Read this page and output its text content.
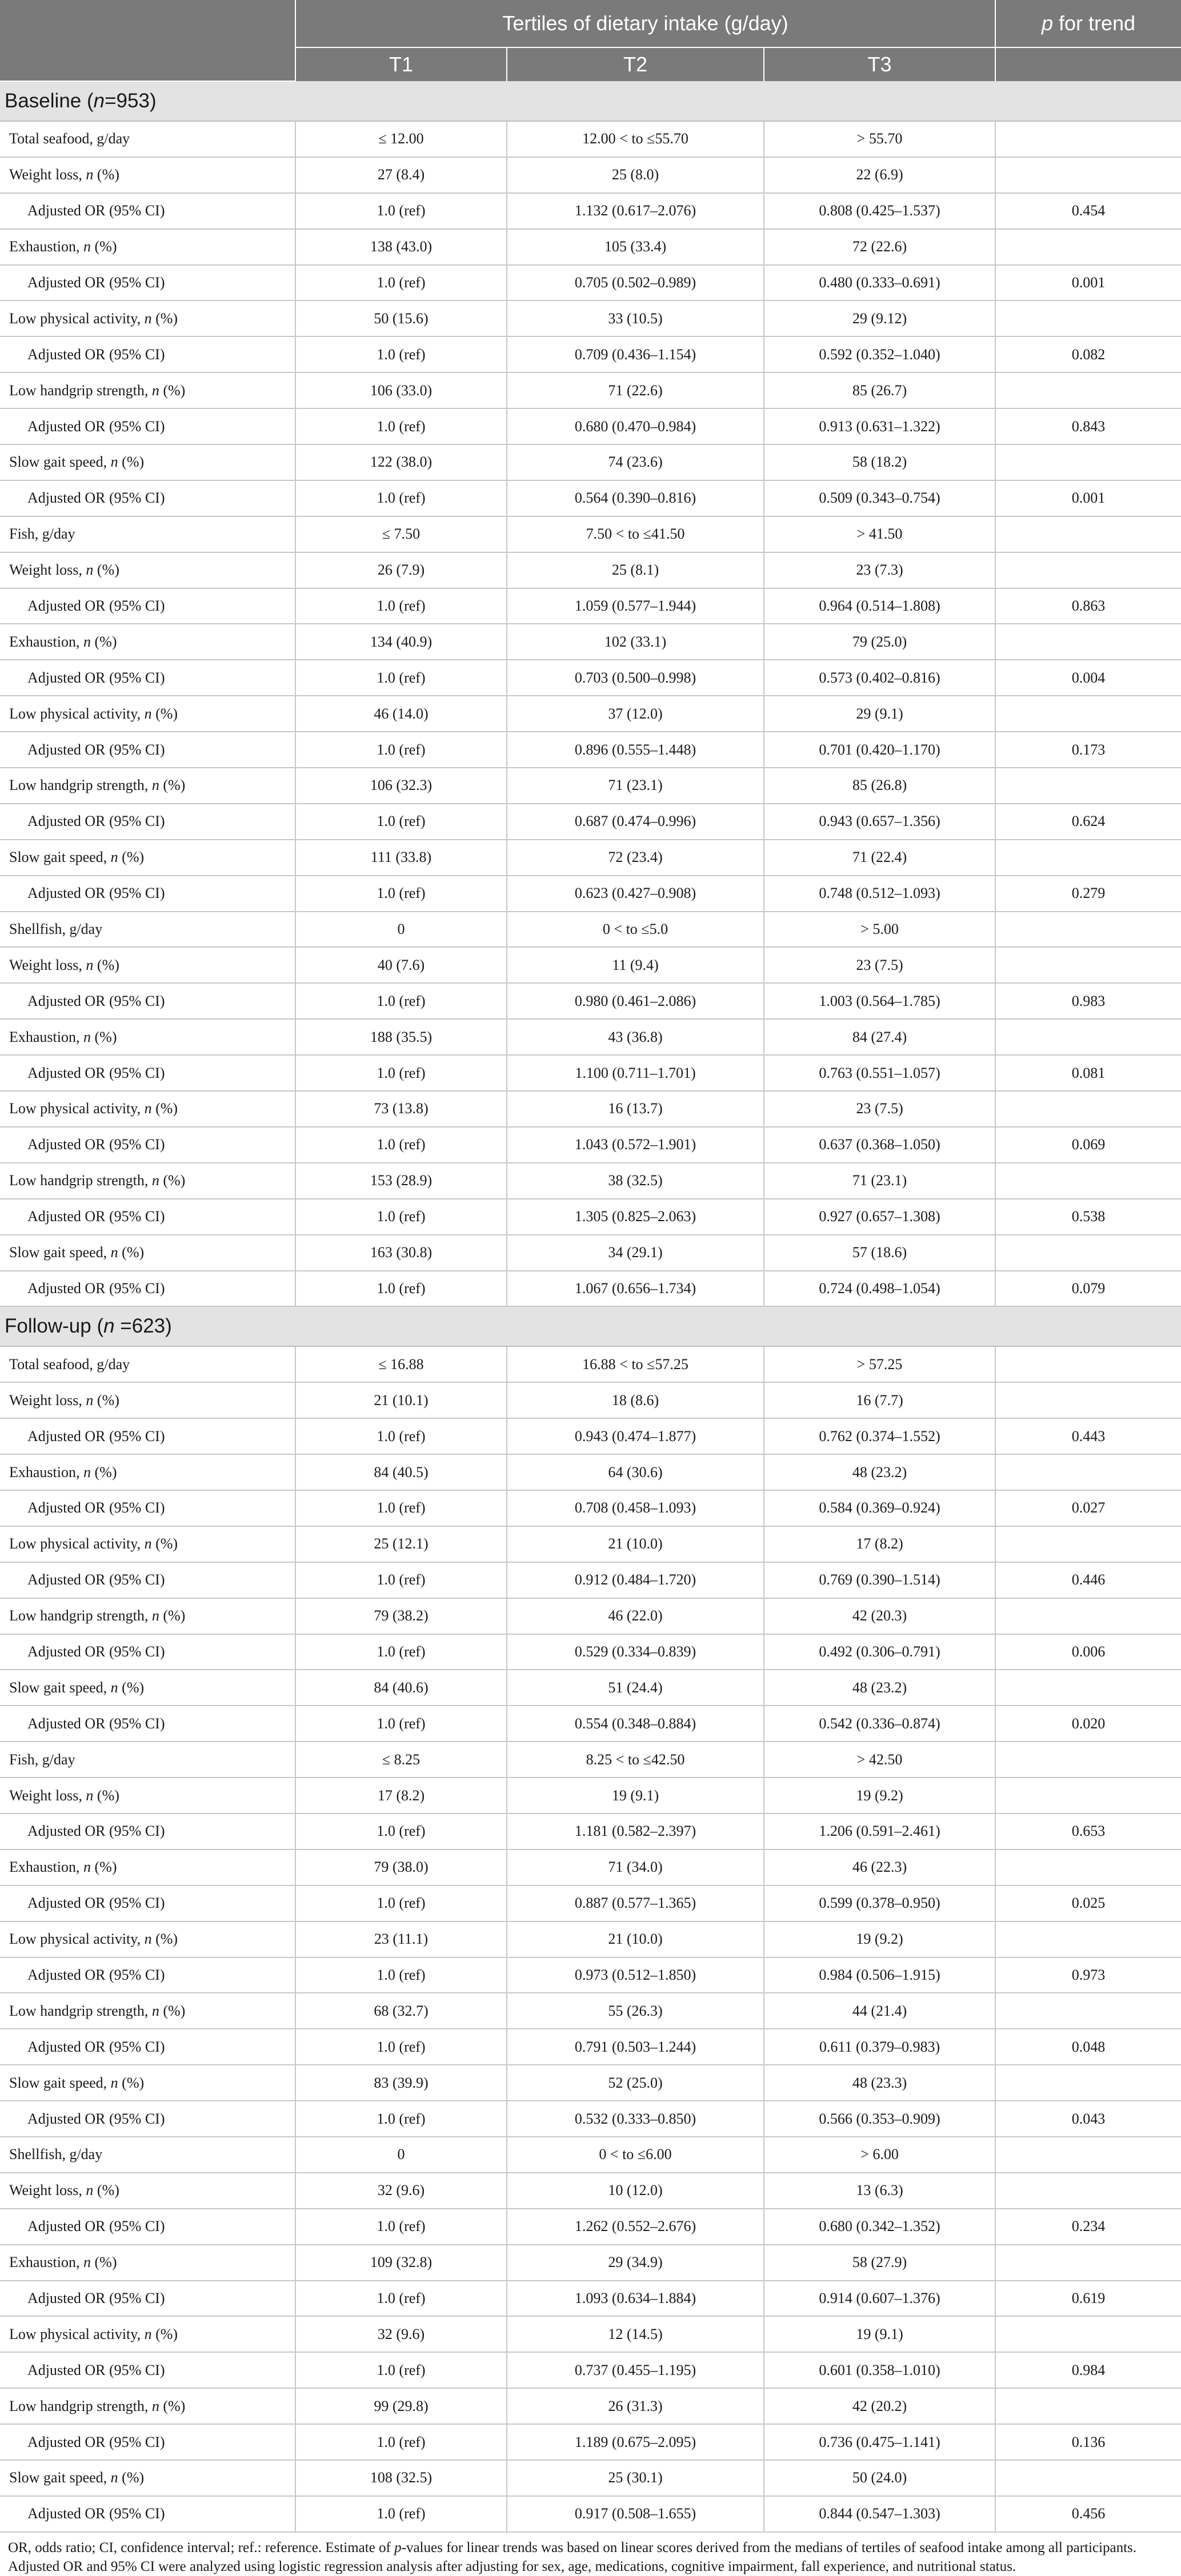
	Tertiles of dietary intake (g/day)			p for trend
	T1	T2	T3	
Baseline (n=953)				
Total seafood, g/day	≤ 12.00	12.00 < to ≤55.70	> 55.70	
Weight loss, n (%)	27 (8.4)	25 (8.0)	22 (6.9)	
Adjusted OR (95% CI)	1.0 (ref)	1.132 (0.617–2.076)	0.808 (0.425–1.537)	0.454
Exhaustion, n (%)	138 (43.0)	105 (33.4)	72 (22.6)	
Adjusted OR (95% CI)	1.0 (ref)	0.705 (0.502–0.989)	0.480 (0.333–0.691)	0.001
Low physical activity, n (%)	50 (15.6)	33 (10.5)	29 (9.12)	
Adjusted OR (95% CI)	1.0 (ref)	0.709 (0.436–1.154)	0.592 (0.352–1.040)	0.082
Low handgrip strength, n (%)	106 (33.0)	71 (22.6)	85 (26.7)	
Adjusted OR (95% CI)	1.0 (ref)	0.680 (0.470–0.984)	0.913 (0.631–1.322)	0.843
Slow gait speed, n (%)	122 (38.0)	74 (23.6)	58 (18.2)	
Adjusted OR (95% CI)	1.0 (ref)	0.564 (0.390–0.816)	0.509 (0.343–0.754)	0.001
Fish, g/day	≤ 7.50	7.50 < to ≤41.50	> 41.50	
Weight loss, n (%)	26 (7.9)	25 (8.1)	23 (7.3)	
Adjusted OR (95% CI)	1.0 (ref)	1.059 (0.577–1.944)	0.964 (0.514–1.808)	0.863
Exhaustion, n (%)	134 (40.9)	102 (33.1)	79 (25.0)	
Adjusted OR (95% CI)	1.0 (ref)	0.703 (0.500–0.998)	0.573 (0.402–0.816)	0.004
Low physical activity, n (%)	46 (14.0)	37 (12.0)	29 (9.1)	
Adjusted OR (95% CI)	1.0 (ref)	0.896 (0.555–1.448)	0.701 (0.420–1.170)	0.173
Low handgrip strength, n (%)	106 (32.3)	71 (23.1)	85 (26.8)	
Adjusted OR (95% CI)	1.0 (ref)	0.687 (0.474–0.996)	0.943 (0.657–1.356)	0.624
Slow gait speed, n (%)	111 (33.8)	72 (23.4)	71 (22.4)	
Adjusted OR (95% CI)	1.0 (ref)	0.623 (0.427–0.908)	0.748 (0.512–1.093)	0.279
Shellfish, g/day	0	0 < to ≤5.0	> 5.00	
Weight loss, n (%)	40 (7.6)	11 (9.4)	23 (7.5)	
Adjusted OR (95% CI)	1.0 (ref)	0.980 (0.461–2.086)	1.003 (0.564–1.785)	0.983
Exhaustion, n (%)	188 (35.5)	43 (36.8)	84 (27.4)	
Adjusted OR (95% CI)	1.0 (ref)	1.100 (0.711–1.701)	0.763 (0.551–1.057)	0.081
Low physical activity, n (%)	73 (13.8)	16 (13.7)	23 (7.5)	
Adjusted OR (95% CI)	1.0 (ref)	1.043 (0.572–1.901)	0.637 (0.368–1.050)	0.069
Low handgrip strength, n (%)	153 (28.9)	38 (32.5)	71 (23.1)	
Adjusted OR (95% CI)	1.0 (ref)	1.305 (0.825–2.063)	0.927 (0.657–1.308)	0.538
Slow gait speed, n (%)	163 (30.8)	34 (29.1)	57 (18.6)	
Adjusted OR (95% CI)	1.0 (ref)	1.067 (0.656–1.734)	0.724 (0.498–1.054)	0.079
Follow-up (n =623)				
Total seafood, g/day	≤ 16.88	16.88 < to ≤57.25	> 57.25	
Weight loss, n (%)	21 (10.1)	18 (8.6)	16 (7.7)	
Adjusted OR (95% CI)	1.0 (ref)	0.943 (0.474–1.877)	0.762 (0.374–1.552)	0.443
Exhaustion, n (%)	84 (40.5)	64 (30.6)	48 (23.2)	
Adjusted OR (95% CI)	1.0 (ref)	0.708 (0.458–1.093)	0.584 (0.369–0.924)	0.027
Low physical activity, n (%)	25 (12.1)	21 (10.0)	17 (8.2)	
Adjusted OR (95% CI)	1.0 (ref)	0.912 (0.484–1.720)	0.769 (0.390–1.514)	0.446
Low handgrip strength, n (%)	79 (38.2)	46 (22.0)	42 (20.3)	
Adjusted OR (95% CI)	1.0 (ref)	0.529 (0.334–0.839)	0.492 (0.306–0.791)	0.006
Slow gait speed, n (%)	84 (40.6)	51 (24.4)	48 (23.2)	
Adjusted OR (95% CI)	1.0 (ref)	0.554 (0.348–0.884)	0.542 (0.336–0.874)	0.020
Fish, g/day	≤ 8.25	8.25 < to ≤42.50	> 42.50	
Weight loss, n (%)	17 (8.2)	19 (9.1)	19 (9.2)	
Adjusted OR (95% CI)	1.0 (ref)	1.181 (0.582–2.397)	1.206 (0.591–2.461)	0.653
Exhaustion, n (%)	79 (38.0)	71 (34.0)	46 (22.3)	
Adjusted OR (95% CI)	1.0 (ref)	0.887 (0.577–1.365)	0.599 (0.378–0.950)	0.025
Low physical activity, n (%)	23 (11.1)	21 (10.0)	19 (9.2)	
Adjusted OR (95% CI)	1.0 (ref)	0.973 (0.512–1.850)	0.984 (0.506–1.915)	0.973
Low handgrip strength, n (%)	68 (32.7)	55 (26.3)	44 (21.4)	
Adjusted OR (95% CI)	1.0 (ref)	0.791 (0.503–1.244)	0.611 (0.379–0.983)	0.048
Slow gait speed, n (%)	83 (39.9)	52 (25.0)	48 (23.3)	
Adjusted OR (95% CI)	1.0 (ref)	0.532 (0.333–0.850)	0.566 (0.353–0.909)	0.043
Shellfish, g/day	0	0 < to ≤6.00	> 6.00	
Weight loss, n (%)	32 (9.6)	10 (12.0)	13 (6.3)	
Adjusted OR (95% CI)	1.0 (ref)	1.262 (0.552–2.676)	0.680 (0.342–1.352)	0.234
Exhaustion, n (%)	109 (32.8)	29 (34.9)	58 (27.9)	
Adjusted OR (95% CI)	1.0 (ref)	1.093 (0.634–1.884)	0.914 (0.607–1.376)	0.619
Low physical activity, n (%)	32 (9.6)	12 (14.5)	19 (9.1)	
Adjusted OR (95% CI)	1.0 (ref)	0.737 (0.455–1.195)	0.601 (0.358–1.010)	0.984
Low handgrip strength, n (%)	99 (29.8)	26 (31.3)	42 (20.2)	
Adjusted OR (95% CI)	1.0 (ref)	1.189 (0.675–2.095)	0.736 (0.475–1.141)	0.136
Slow gait speed, n (%)	108 (32.5)	25 (30.1)	50 (24.0)	
Adjusted OR (95% CI)	1.0 (ref)	0.917 (0.508–1.655)	0.844 (0.547–1.303)	0.456
OR, odds ratio; CI, confidence interval; ref.: reference. Estimate of p-values for linear trends was based on linear scores derived from the medians of tertiles of seafood intake among all participants. Adjusted OR and 95% CI were analyzed using logistic regression analysis after adjusting for sex, age, medications, cognitive impairment, fall experience, and nutritional status.
